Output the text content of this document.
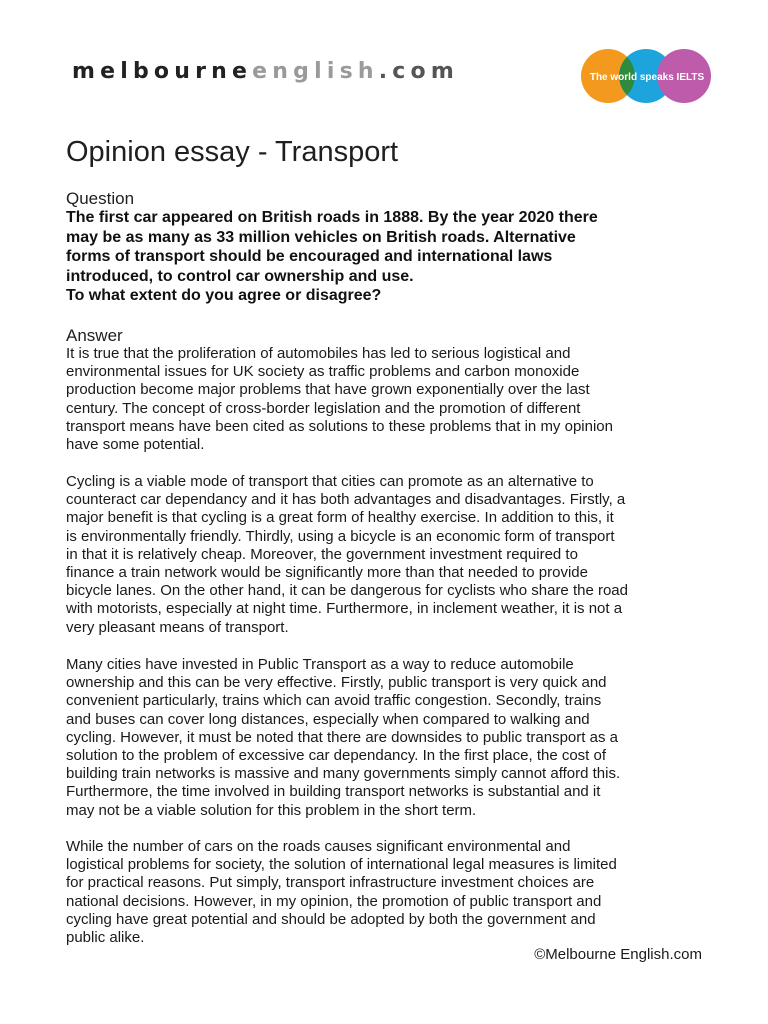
melbourneenglish.com	The world speaks IELTS
Opinion essay - Transport
Question
The first car appeared on British roads in 1888. By the year 2020 there
may be as many as 33 million vehicles on British roads. Alternative
forms of transport should be encouraged and international laws
introduced, to control car ownership and use.
To what extent do you agree or disagree?
Answer
It is true that the proliferation of automobiles has led to serious logistical and
environmental issues for UK society as traffic problems and carbon monoxide
production become major problems that have grown exponentially over the last
century. The concept of cross-border legislation and the promotion of different
transport means have been cited as solutions to these problems that in my opinion
have some potential.
Cycling is a viable mode of transport that cities can promote as an alternative to
counteract car dependancy and it has both advantages and disadvantages. Firstly, a
major benefit is that cycling is a great form of healthy exercise. In addition to this, it
is environmentally friendly. Thirdly, using a bicycle is an economic form of transport
in that it is relatively cheap. Moreover, the government investment required to
finance a train network would be significantly more than that needed to provide
bicycle lanes. On the other hand, it can be dangerous for cyclists who share the road
with motorists, especially at night time. Furthermore, in inclement weather, it is not a
very pleasant means of transport.
Many cities have invested in Public Transport as a way to reduce automobile
ownership and this can be very effective. Firstly, public transport is very quick and
convenient particularly, trains which can avoid traffic congestion. Secondly, trains
and buses can cover long distances, especially when compared to walking and
cycling. However, it must be noted that there are downsides to public transport as a
solution to the problem of excessive car dependancy. In the first place, the cost of
building train networks is massive and many governments simply cannot afford this.
Furthermore, the time involved in building transport networks is substantial and it
may not be a viable solution for this problem in the short term.
While the number of cars on the roads causes significant environmental and
logistical problems for society, the solution of international legal measures is limited
for practical reasons. Put simply, transport infrastructure investment choices are
national decisions. However, in my opinion, the promotion of public transport and
cycling have great potential and should be adopted by both the government and
public alike.
©Melbourne English.com
